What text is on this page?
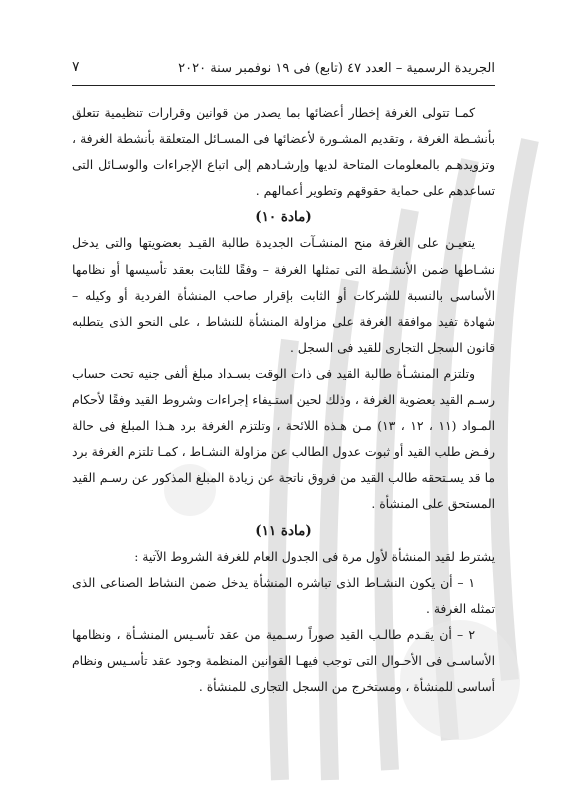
الجريدة الرسمية – العدد ٤٧ (تابع) فى ١٩ نوفمبر سنة ٢٠٢٠
٧

كمـا تتولى الغرفة إخطار أعضائها بما يصدر من قوانين وقرارات تنظيمية تتعلق بأنشـطة الغرفة ، وتقديم المشـورة لأعضائها فى المسـائل المتعلقة بأنشطة الغرفة ، وتزويدهـم بالمعلومات المتاحة لديها وإرشـادهم إلى اتباع الإجراءات والوسـائل التى تساعدهم على حماية حقوقهم وتطوير أعمالهم .

(مادة ١٠)

يتعيـن على الغرفة منح المنشـآت الجديدة طالبة القيـد بعضويتها والتى يدخل نشـاطها ضمن الأنشـطة التى تمثلها الغرفة – وفقًا للثابت بعقد تأسيسها أو نظامها الأساسى بالنسبة للشركات أو الثابت بإقرار صاحب المنشأة الفردية أو وكيله – شهادة تفيد موافقة الغرفة على مزاولة المنشأة للنشاط ، على النحو الذى يتطلبه قانون السجل التجارى للقيد فى السجل .

وتلتزم المنشـأة طالبة القيد فى ذات الوقت بسـداد مبلغ ألفى جنيه تحت حساب رسـم القيد بعضوية الغرفة ، وذلك لحين استـيفاء إجراءات وشروط القيد وفقًا لأحكام المـواد (١١ ، ١٢ ، ١٣) مـن هـذه اللائحة ، وتلتزم الغرفة برد هـذا المبلغ فى حالة رفـض طلب القيد أو ثبوت عدول الطالب عن مزاولة النشـاط ، كمـا تلتزم الغرفة برد ما قد يسـتحقه طالب القيد من فروق ناتجة عن زيادة المبلغ المذكور عن رسـم القيد المستحق على المنشأة .

(مادة ١١)

يشترط لقيد المنشأة لأول مرة فى الجدول العام للغرفة الشروط الآتية :

١ – أن يكون النشـاط الذى تباشره المنشأة يدخل ضمن النشاط الصناعى الذى تمثله الغرفة .

٢ – أن يقـدم طالـب القيد صوراً رسـمية من عقد تأسـيس المنشـأة ، ونظامها الأساسـى فى الأحـوال التى توجب فيهـا القوانين المنظمة وجود عقد تأسـيس ونظام أساسى للمنشأة ، ومستخرج من السجل التجارى للمنشأة .
